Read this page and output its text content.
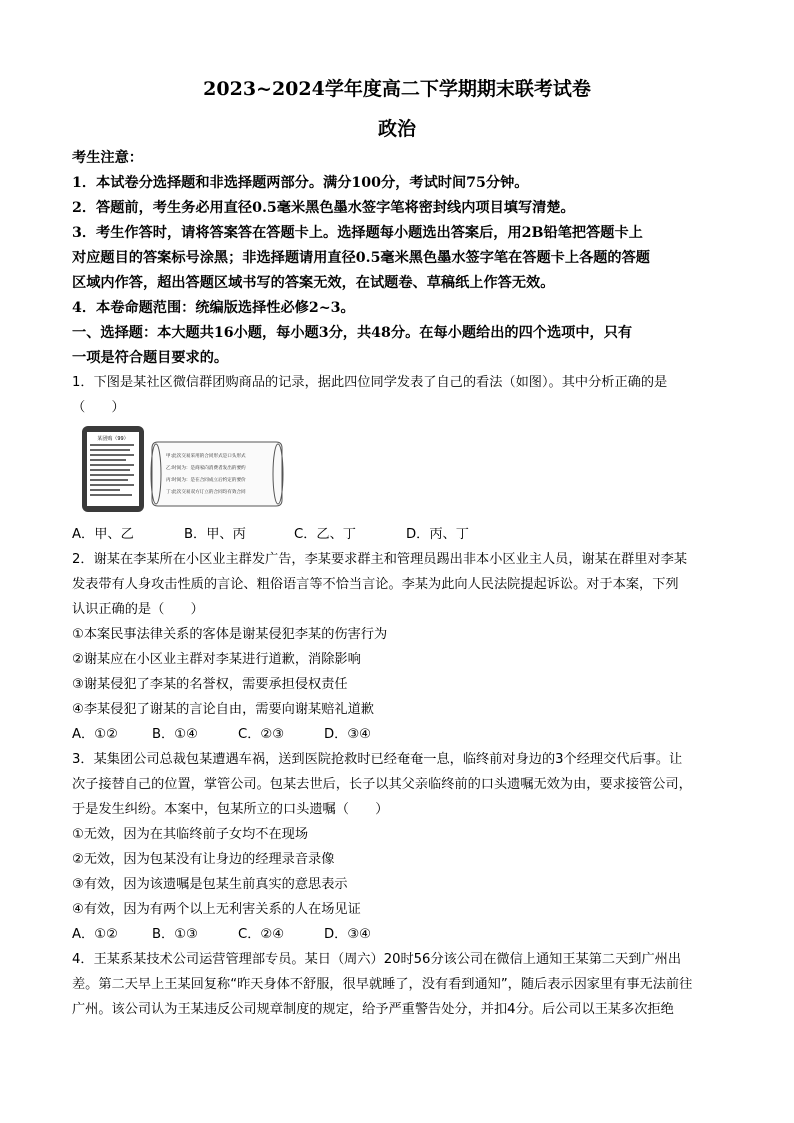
2023~2024学年度高二下学期期末联考试卷
政治
考生注意：
1．本试卷分选择题和非选择题两部分。满分100分，考试时间75分钟。
2．答题前，考生务必用直径0.5毫米黑色墨水签字笔将密封线内项目填写清楚。
3．考生作答时，请将答案答在答题卡上。选择题每小题选出答案后，用2B铅笔把答题卡上
对应题目的答案标号涂黑；非选择题请用直径0.5毫米黑色墨水签字笔在答题卡上各题的答题
区域内作答，超出答题区域书写的答案无效，在试题卷、草稿纸上作答无效。
4．本卷命题范围：统编版选择性必修2~3。
一、选择题：本大题共16小题，每小题3分，共48分。在每小题给出的四个选项中，只有
一项是符合题目要求的。
1．下图是某社区微信群团购商品的记录，据此四位同学发表了自己的看法（如图）。其中分析正确的是
（　　）
某团购（99）
甲:此次交易采用的合同形式是口头形式
乙:时间为：是商家向消费者发出的要约
丙:时间为：是在合同成立后约定的要价
丁:此次交易双方订立的合同均有效合同
A．甲、乙	B．甲、丙	C．乙、丁	D．丙、丁
2．谢某在李某所在小区业主群发广告，李某要求群主和管理员踢出非本小区业主人员，谢某在群里对李某
发表带有人身攻击性质的言论、粗俗语言等不恰当言论。李某为此向人民法院提起诉讼。对于本案，下列
认识正确的是（　　）
①本案民事法律关系的客体是谢某侵犯李某的伤害行为
②谢某应在小区业主群对李某进行道歉，消除影响
③谢某侵犯了李某的名誉权，需要承担侵权责任
④李某侵犯了谢某的言论自由，需要向谢某赔礼道歉
A．①②	B．①④	C．②③	D．③④
3．某集团公司总裁包某遭遇车祸，送到医院抢救时已经奄奄一息，临终前对身边的3个经理交代后事。让
次子接替自己的位置，掌管公司。包某去世后，长子以其父亲临终前的口头遗嘱无效为由，要求接管公司，
于是发生纠纷。本案中，包某所立的口头遗嘱（　　）
①无效，因为在其临终前子女均不在现场
②无效，因为包某没有让身边的经理录音录像
③有效，因为该遗嘱是包某生前真实的意思表示
④有效，因为有两个以上无利害关系的人在场见证
A．①②	B．①③	C．②④	D．③④
4．王某系某技术公司运营管理部专员。某日（周六）20时56分该公司在微信上通知王某第二天到广州出
差。第二天早上王某回复称“昨天身体不舒服，很早就睡了，没有看到通知”，随后表示因家里有事无法前往
广州。该公司认为王某违反公司规章制度的规定，给予严重警告处分，并扣4分。后公司以王某多次拒绝
